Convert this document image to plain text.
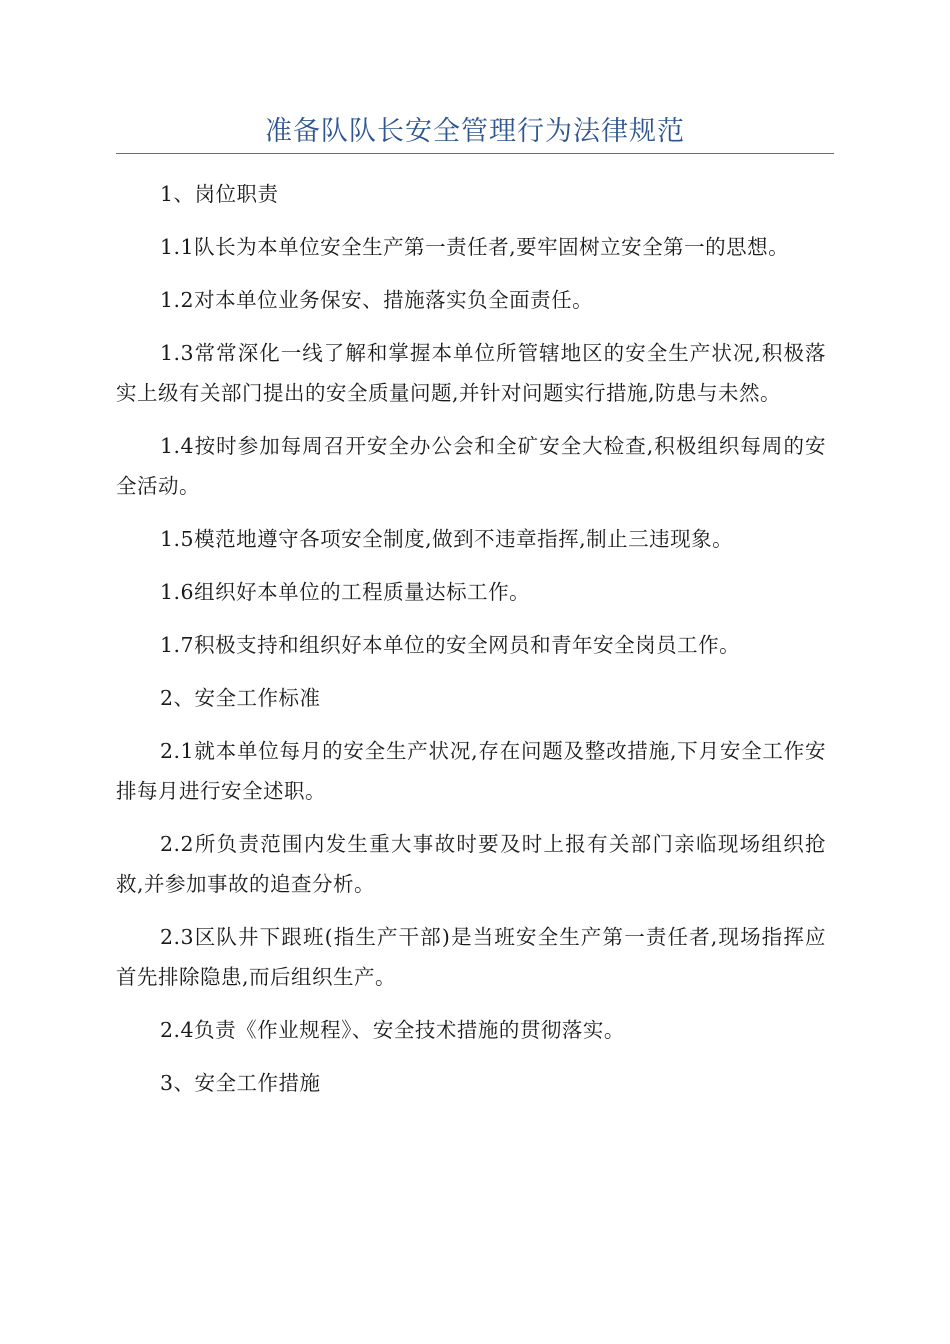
准备队队长安全管理行为法律规范

1、岗位职责

1.1队长为本单位安全生产第一责任者,要牢固树立安全第一的思想。

1.2对本单位业务保安、措施落实负全面责任。

1.3常常深化一线了解和掌握本单位所管辖地区的安全生产状况,积极落实上级有关部门提出的安全质量问题,并针对问题实行措施,防患与未然。

1.4按时参加每周召开安全办公会和全矿安全大检查,积极组织每周的安全活动。

1.5模范地遵守各项安全制度,做到不违章指挥,制止三违现象。

1.6组织好本单位的工程质量达标工作。

1.7积极支持和组织好本单位的安全网员和青年安全岗员工作。

2、安全工作标准

2.1就本单位每月的安全生产状况,存在问题及整改措施,下月安全工作安排每月进行安全述职。

2.2所负责范围内发生重大事故时要及时上报有关部门亲临现场组织抢救,并参加事故的追查分析。

2.3区队井下跟班(指生产干部)是当班安全生产第一责任者,现场指挥应首先排除隐患,而后组织生产。

2.4负责《作业规程》、安全技术措施的贯彻落实。

3、安全工作措施
